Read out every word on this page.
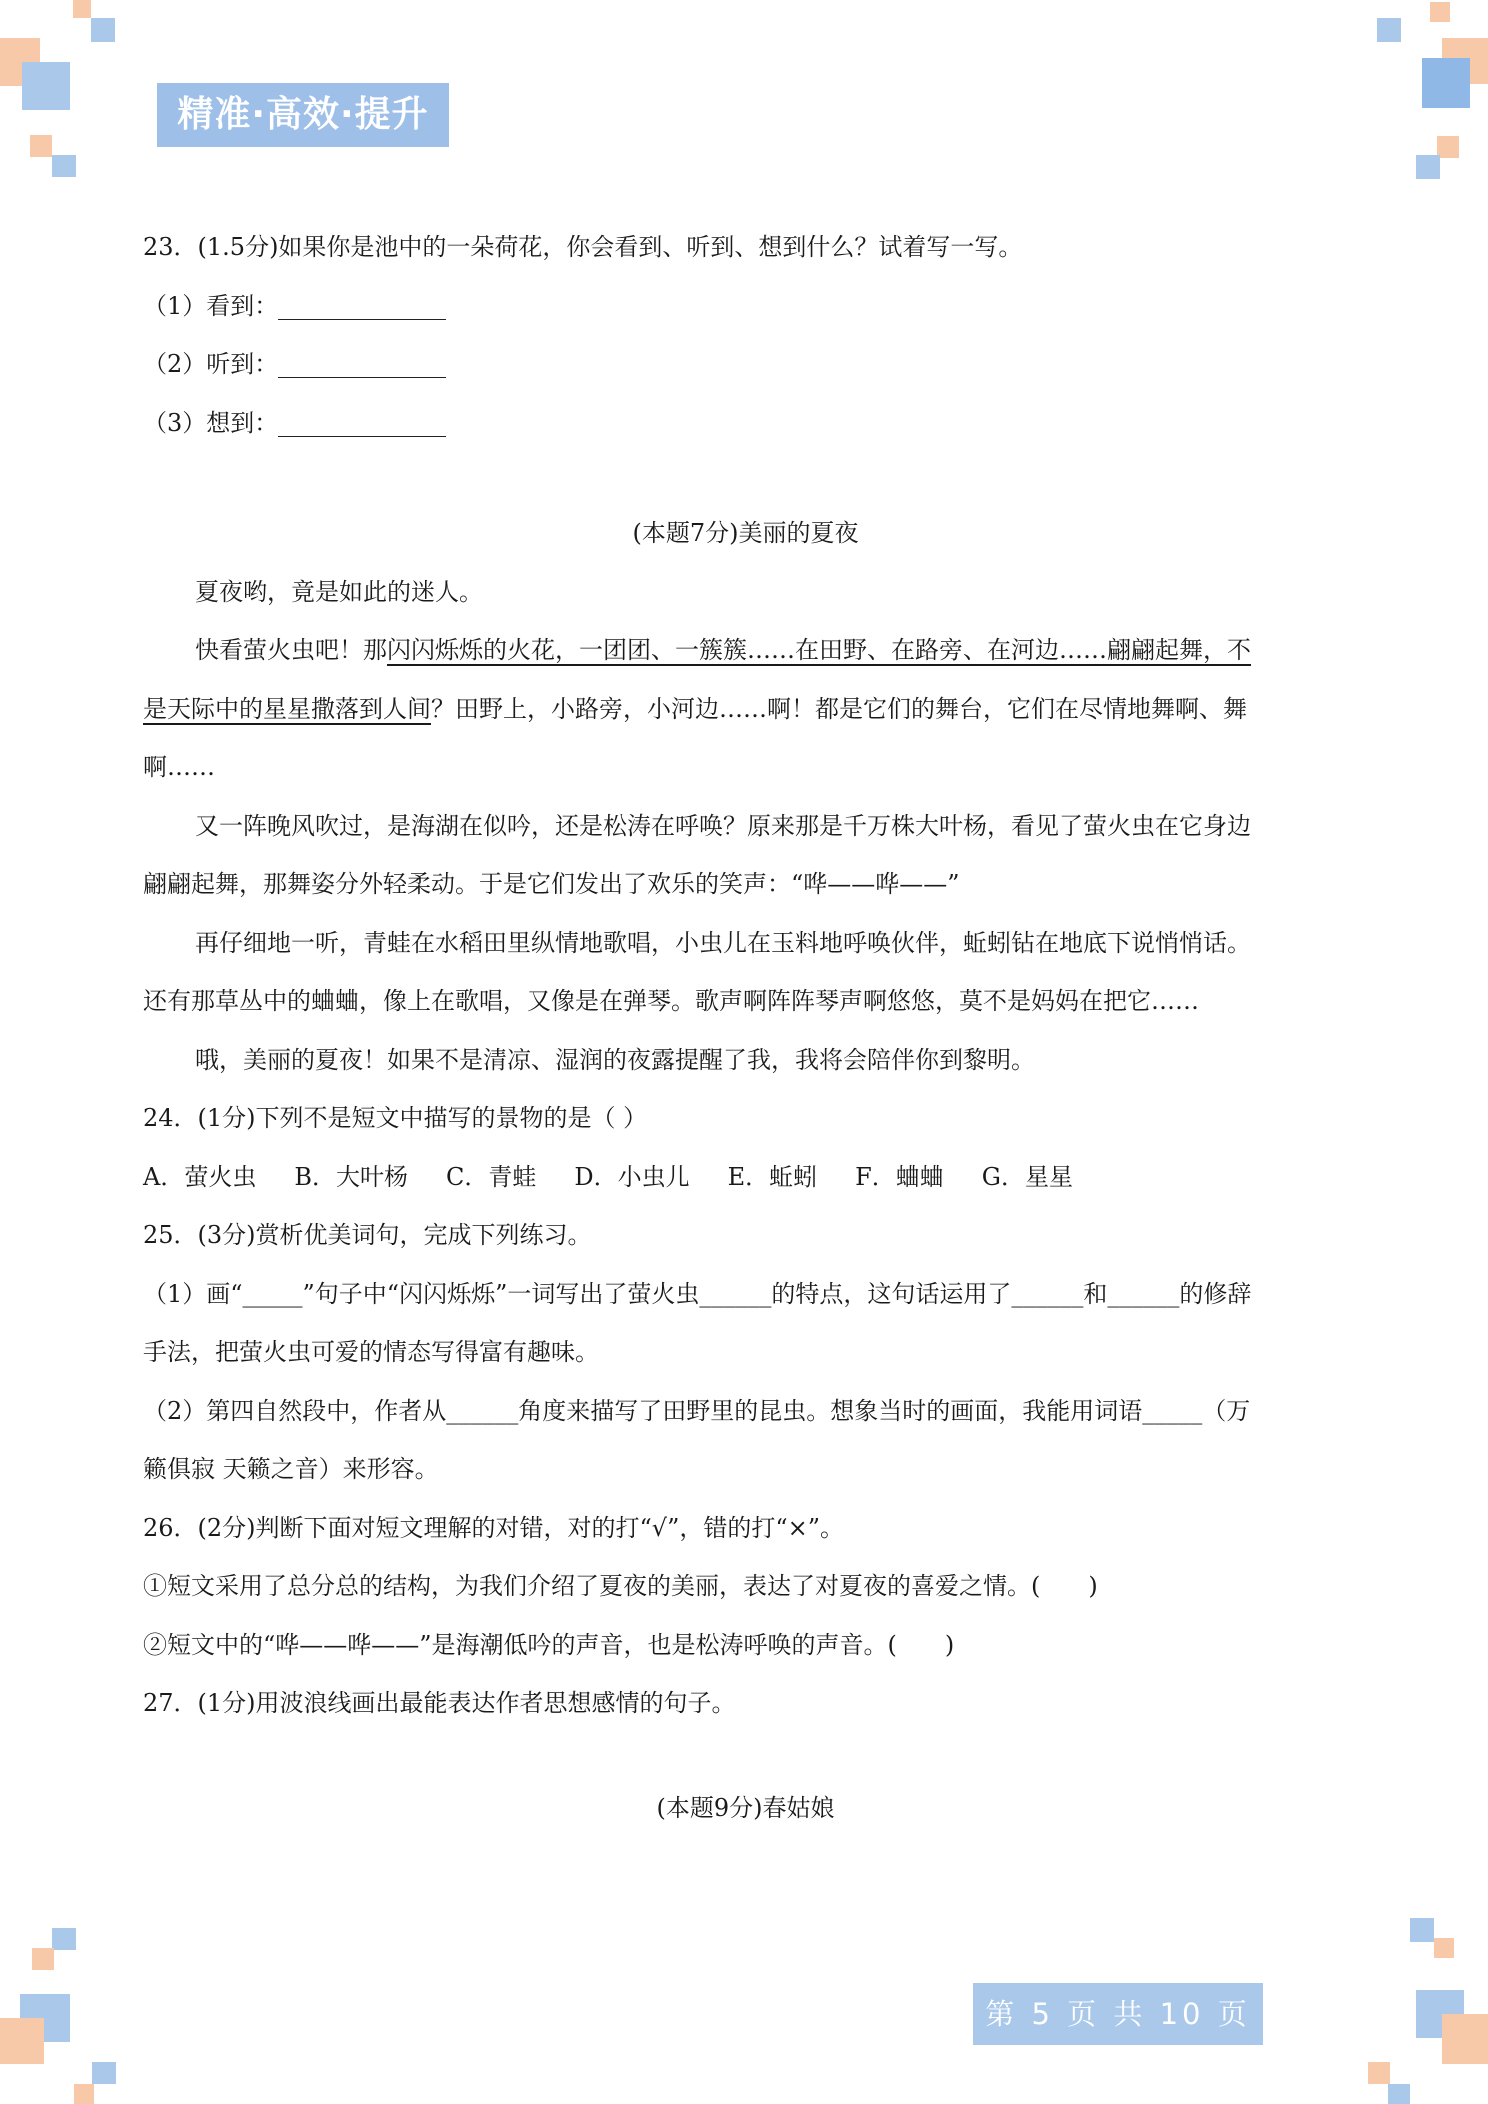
精准·高效·提升
23．(1.5分)如果你是池中的一朵荷花，你会看到、听到、想到什么？试着写一写。
（1）看到：
（2）听到：
（3）想到：
(本题7分)美丽的夏夜
夏夜哟，竟是如此的迷人。
快看萤火虫吧！那闪闪烁烁的火花，一团团、一簇簇……在田野、在路旁、在河边……翩翩起舞，不
是天际中的星星撒落到人间？田野上，小路旁，小河边……啊！都是它们的舞台，它们在尽情地舞啊、舞
啊……
又一阵晚风吹过，是海湖在似吟，还是松涛在呼唤？原来那是千万株大叶杨，看见了萤火虫在它身边
翩翩起舞，那舞姿分外轻柔动。于是它们发出了欢乐的笑声：“哗——哗——”
再仔细地一听，青蛙在水稻田里纵情地歌唱，小虫儿在玉料地呼唤伙伴，蚯蚓钻在地底下说悄悄话。
还有那草丛中的蛐蛐，像上在歌唱，又像是在弹琴。歌声啊阵阵琴声啊悠悠，莫不是妈妈在把它……
哦，美丽的夏夜！如果不是清凉、湿润的夜露提醒了我，我将会陪伴你到黎明。
24．(1分)下列不是短文中描写的景物的是（ ）
A．萤火虫 B．大叶杨 C．青蛙 D．小虫儿 E．蚯蚓 F．蛐蛐 G．星星
25．(3分)赏析优美词句，完成下列练习。
（1）画“_____”句子中“闪闪烁烁”一词写出了萤火虫______的特点，这句话运用了______和______的修辞
手法，把萤火虫可爱的情态写得富有趣味。
（2）第四自然段中，作者从______角度来描写了田野里的昆虫。想象当时的画面，我能用词语_____（万
籁俱寂 天籁之音）来形容。
26．(2分)判断下面对短文理解的对错，对的打“√”，错的打“×”。
①短文采用了总分总的结构，为我们介绍了夏夜的美丽，表达了对夏夜的喜爱之情。(　　)
②短文中的“哗——哗——”是海潮低吟的声音，也是松涛呼唤的声音。(　　)
27．(1分)用波浪线画出最能表达作者思想感情的句子。
(本题9分)春姑娘
第 5 页 共 10 页
